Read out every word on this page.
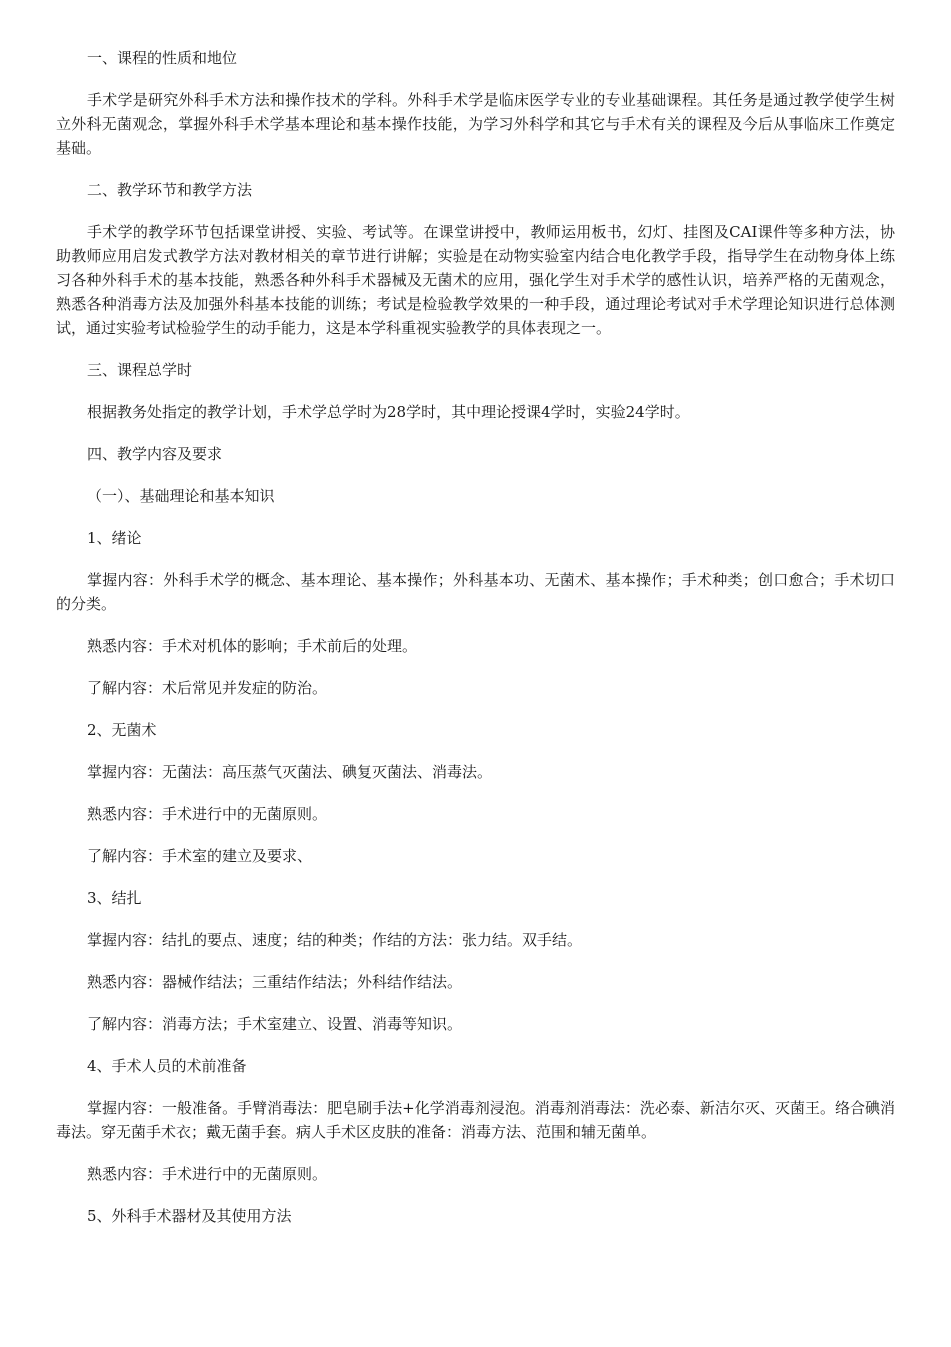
一、课程的性质和地位

手术学是研究外科手术方法和操作技术的学科。外科手术学是临床医学专业的专业基础课程。其任务是通过教学使学生树立外科无菌观念，掌握外科手术学基本理论和基本操作技能，为学习外科学和其它与手术有关的课程及今后从事临床工作奠定基础。

二、教学环节和教学方法

手术学的教学环节包括课堂讲授、实验、考试等。在课堂讲授中，教师运用板书，幻灯、挂图及CAI课件等多种方法，协助教师应用启发式教学方法对教材相关的章节进行讲解；实验是在动物实验室内结合电化教学手段，指导学生在动物身体上练习各种外科手术的基本技能，熟悉各种外科手术器械及无菌术的应用，强化学生对手术学的感性认识，培养严格的无菌观念，熟悉各种消毒方法及加强外科基本技能的训练；考试是检验教学效果的一种手段，通过理论考试对手术学理论知识进行总体测试，通过实验考试检验学生的动手能力，这是本学科重视实验教学的具体表现之一。

三、课程总学时

根据教务处指定的教学计划，手术学总学时为28学时，其中理论授课4学时，实验24学时。

四、教学内容及要求

（一）、基础理论和基本知识

1、绪论

掌握内容：外科手术学的概念、基本理论、基本操作；外科基本功、无菌术、基本操作；手术种类；创口愈合；手术切口的分类。

熟悉内容：手术对机体的影响；手术前后的处理。

了解内容：术后常见并发症的防治。

2、无菌术

掌握内容：无菌法：高压蒸气灭菌法、碘复灭菌法、消毒法。

熟悉内容：手术进行中的无菌原则。

了解内容：手术室的建立及要求、

3、结扎

掌握内容：结扎的要点、速度；结的种类；作结的方法：张力结。双手结。

熟悉内容：器械作结法；三重结作结法；外科结作结法。

了解内容：消毒方法；手术室建立、设置、消毒等知识。

4、手术人员的术前准备

掌握内容：一般准备。手臂消毒法：肥皂刷手法+化学消毒剂浸泡。消毒剂消毒法：洗必泰、新洁尔灭、灭菌王。络合碘消毒法。穿无菌手术衣；戴无菌手套。病人手术区皮肤的准备：消毒方法、范围和辅无菌单。

熟悉内容：手术进行中的无菌原则。

5、外科手术器材及其使用方法
